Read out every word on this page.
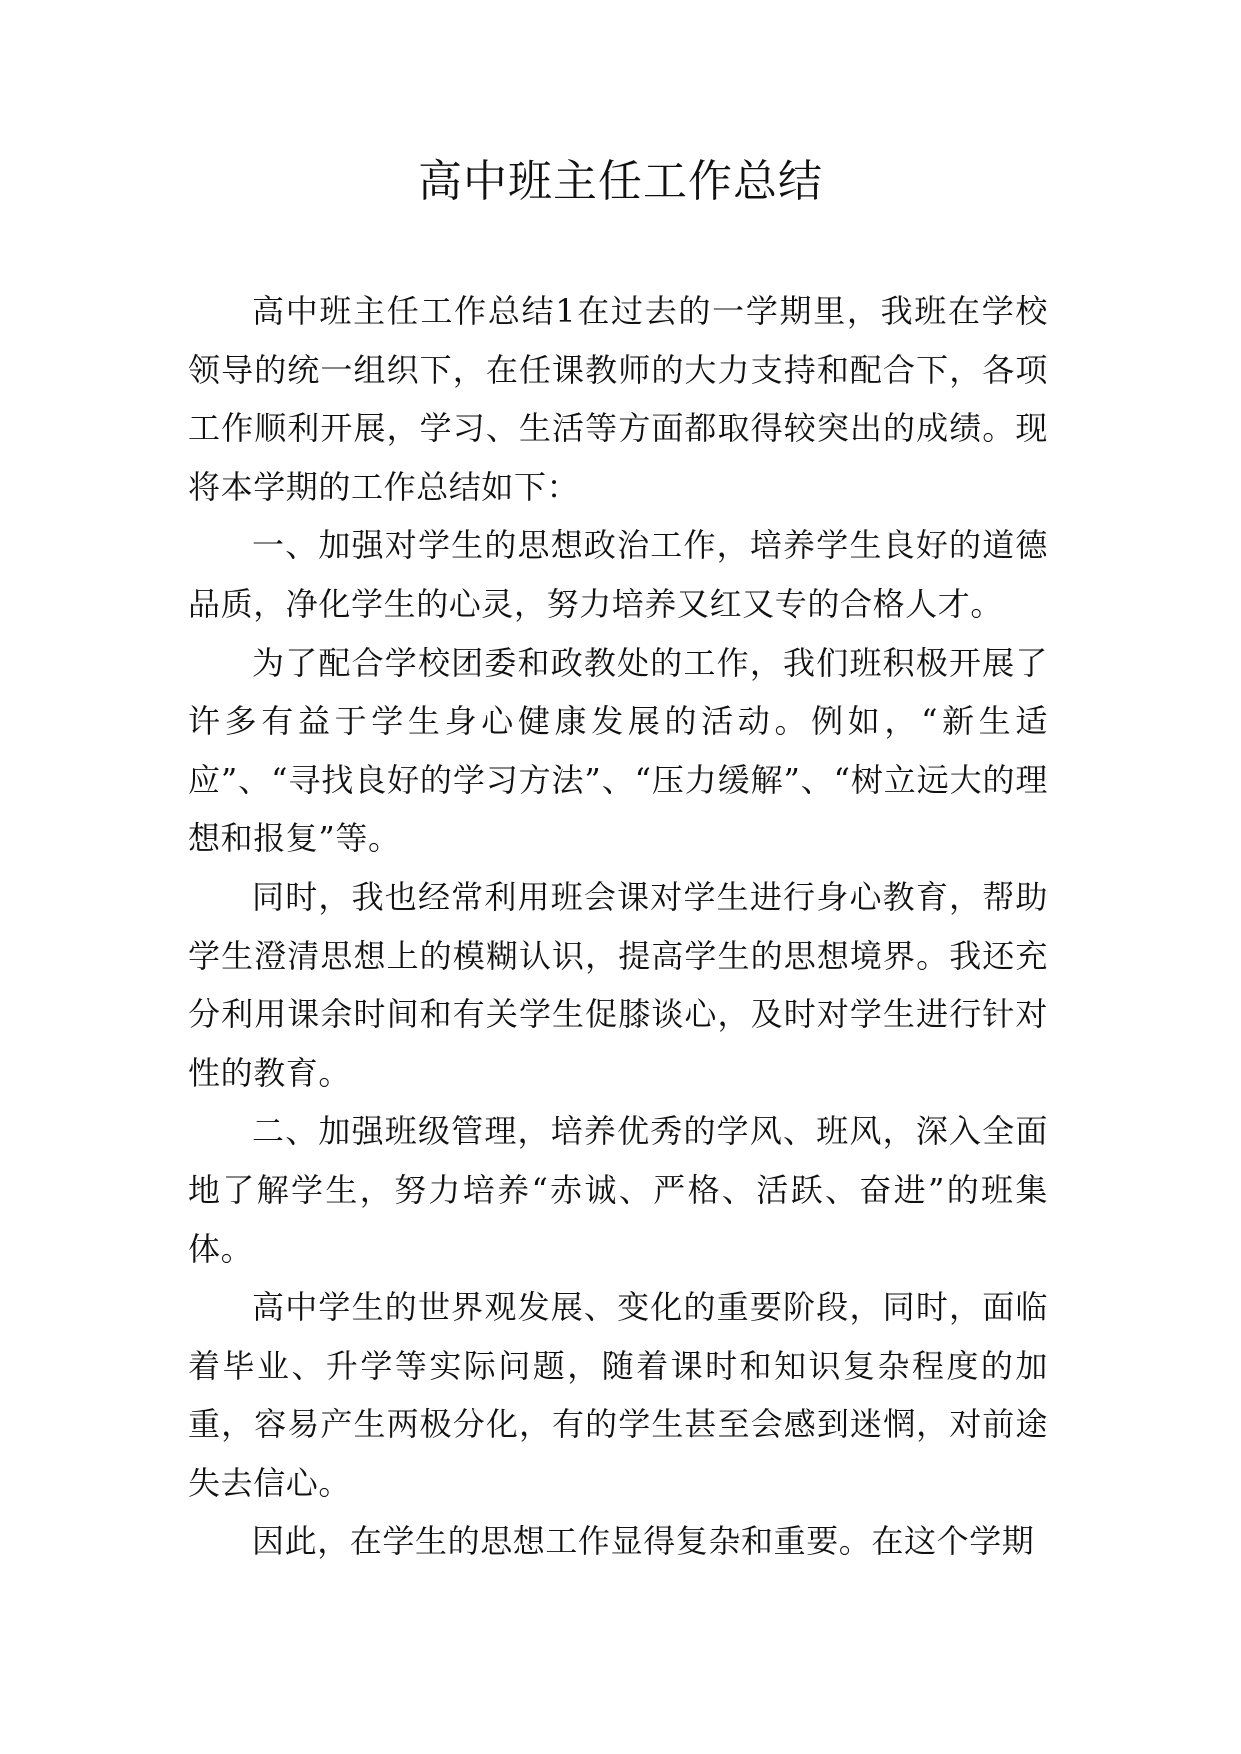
高中班主任工作总结

高中班主任工作总结1在过去的一学期里，我班在学校领导的统一组织下，在任课教师的大力支持和配合下，各项工作顺利开展，学习、生活等方面都取得较突出的成绩。现将本学期的工作总结如下：

一、加强对学生的思想政治工作，培养学生良好的道德品质，净化学生的心灵，努力培养又红又专的合格人才。

为了配合学校团委和政教处的工作，我们班积极开展了许多有益于学生身心健康发展的活动。例如，“新生适应”、“寻找良好的学习方法”、“压力缓解”、“树立远大的理想和报复”等。

同时，我也经常利用班会课对学生进行身心教育，帮助学生澄清思想上的模糊认识，提高学生的思想境界。我还充分利用课余时间和有关学生促膝谈心，及时对学生进行针对性的教育。

二、加强班级管理，培养优秀的学风、班风，深入全面地了解学生，努力培养“赤诚、严格、活跃、奋进”的班集体。

高中学生的世界观发展、变化的重要阶段，同时，面临着毕业、升学等实际问题，随着课时和知识复杂程度的加重，容易产生两极分化，有的学生甚至会感到迷惘，对前途失去信心。

因此，在学生的思想工作显得复杂和重要。在这个学期
